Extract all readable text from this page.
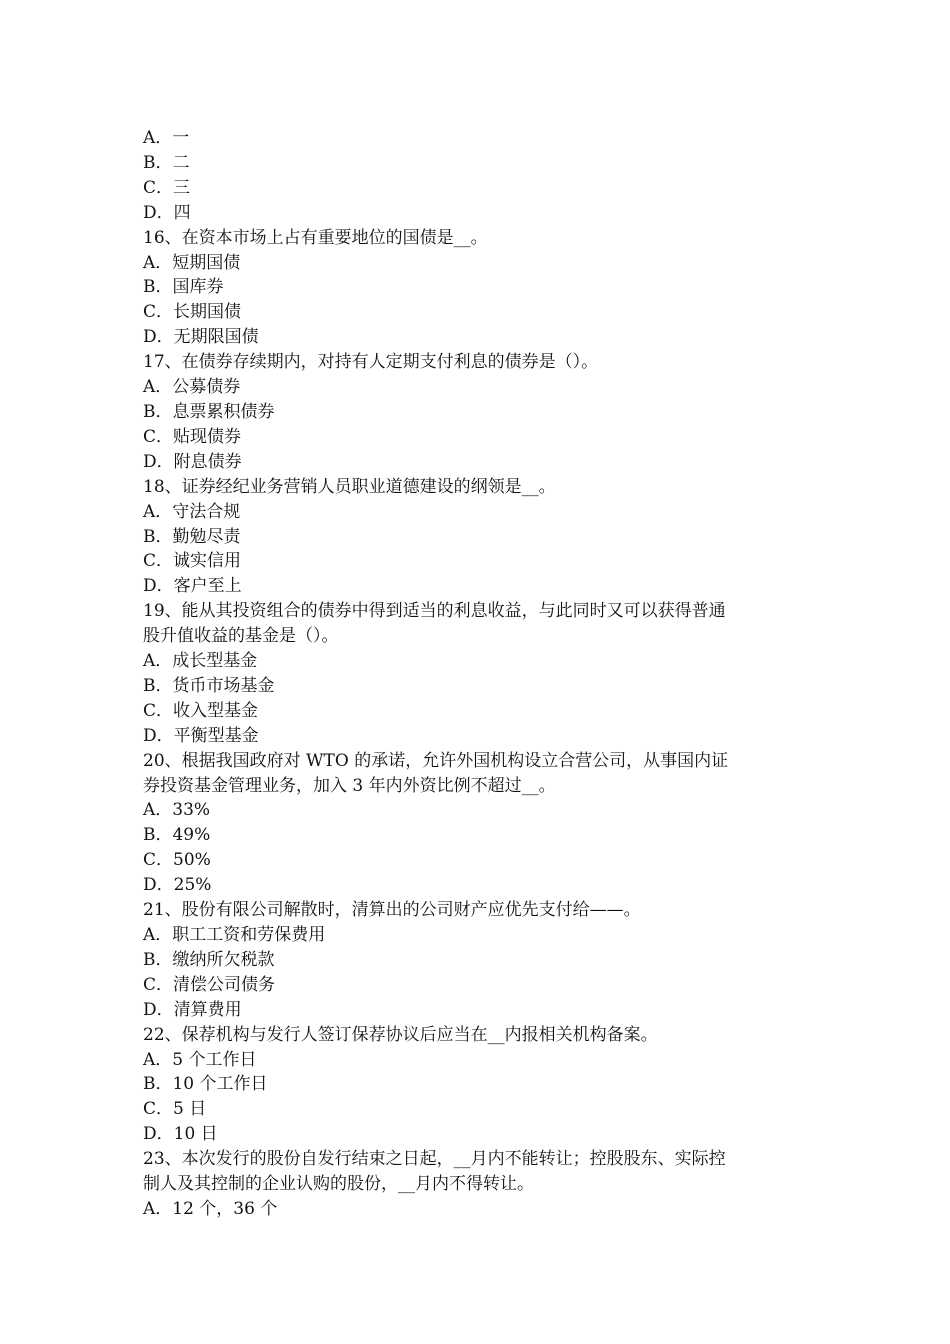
A．一
B．二
C．三
D．四
16、在资本市场上占有重要地位的国债是__。
A．短期国债
B．国库券
C．长期国债
D．无期限国债
17、在债券存续期内，对持有人定期支付利息的债券是（）。
A．公募债券
B．息票累积债券
C．贴现债券
D．附息债券
18、证券经纪业务营销人员职业道德建设的纲领是__。
A．守法合规
B．勤勉尽责
C．诚实信用
D．客户至上
19、能从其投资组合的债券中得到适当的利息收益，与此同时又可以获得普通
股升值收益的基金是（）。
A．成长型基金
B．货币市场基金
C．收入型基金
D．平衡型基金
20、根据我国政府对 WTO 的承诺，允许外国机构设立合营公司，从事国内证
券投资基金管理业务，加入 3 年内外资比例不超过__。
A．33%
B．49%
C．50%
D．25%
21、股份有限公司解散时，清算出的公司财产应优先支付给——。
A．职工工资和劳保费用
B．缴纳所欠税款
C．清偿公司债务
D．清算费用
22、保荐机构与发行人签订保荐协议后应当在__内报相关机构备案。
A．5 个工作日
B．10 个工作日
C．5 日
D．10 日
23、本次发行的股份自发行结束之日起，__月内不能转让；控股股东、实际控
制人及其控制的企业认购的股份，__月内不得转让。
A．12 个，36 个
